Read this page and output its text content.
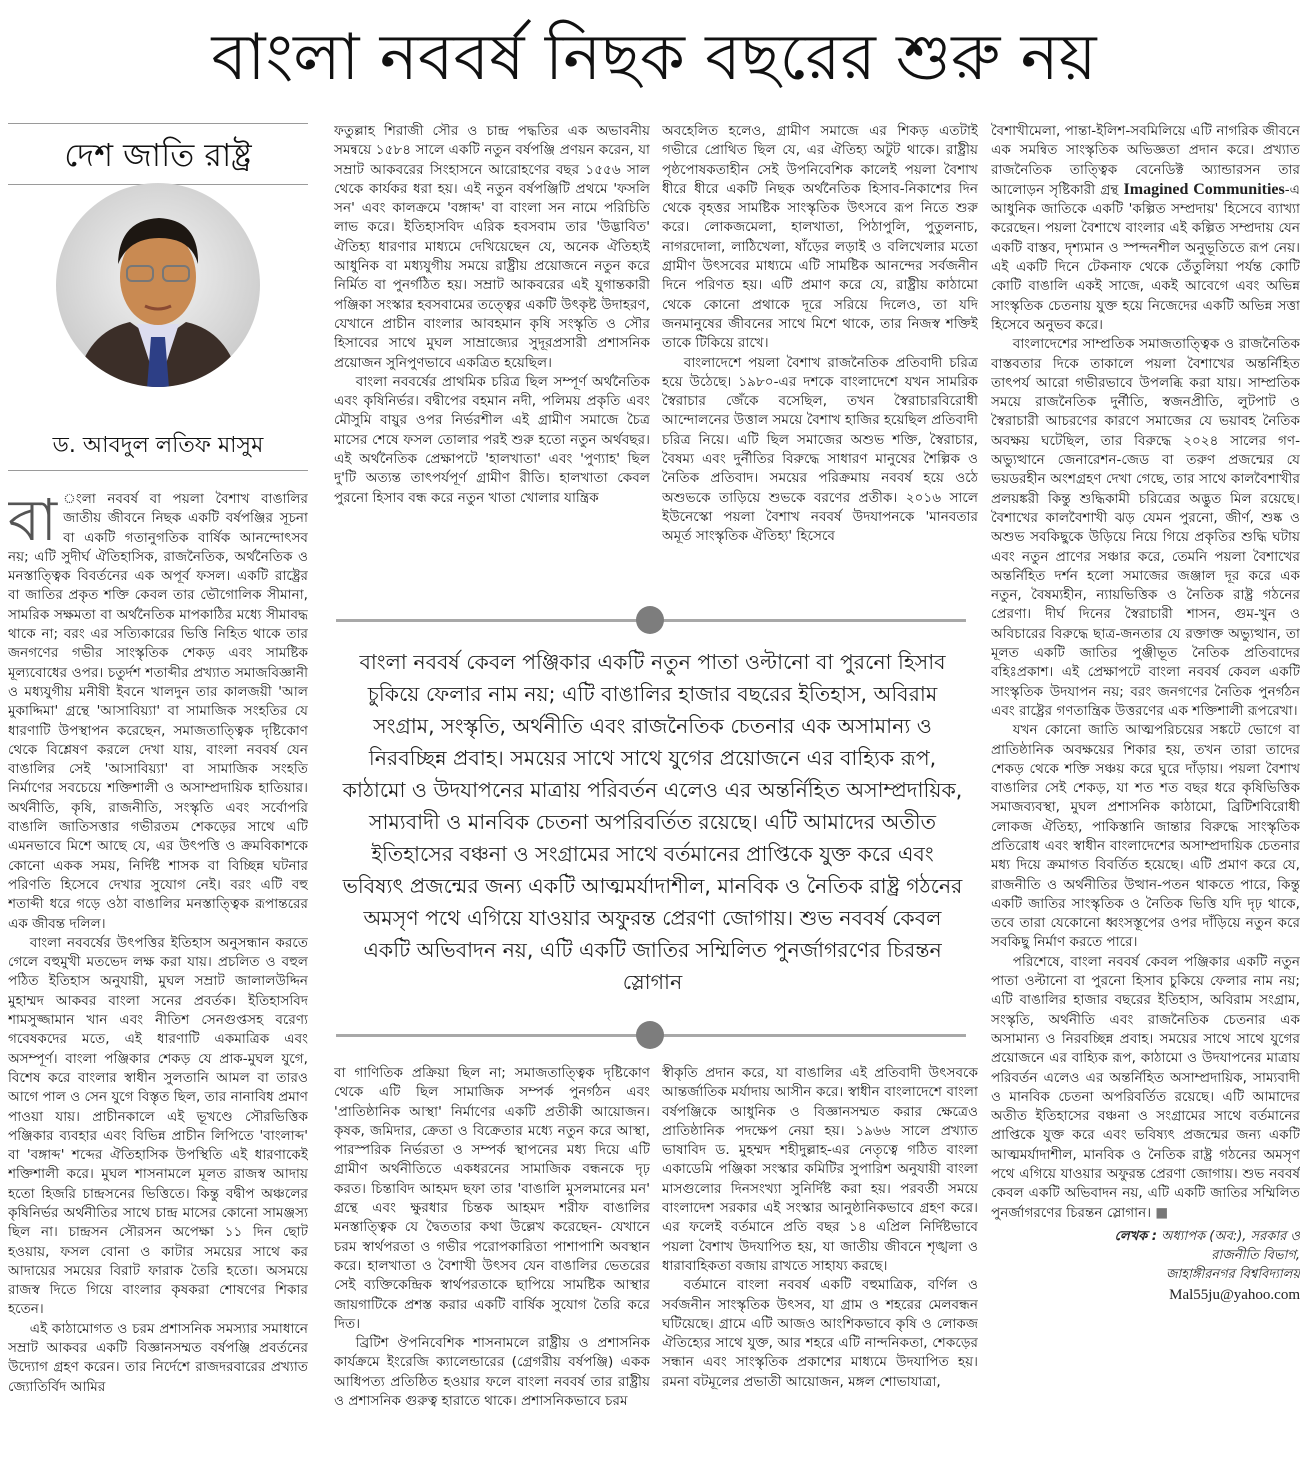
বাংলা নববর্ষ নিছক বছরের শুরু নয়
দেশ জাতি রাষ্ট্র
ড. আবদুল লতিফ মাসুম
বা ংলা নববর্ষ বা পয়লা বৈশাখ বাঙালির জাতীয় জীবনে নিছক একটি বর্ষপঞ্জির সূচনা বা একটি গতানুগতিক বার্ষিক আনন্দোৎসব নয়; এটি সুদীর্ঘ ঐতিহাসিক, রাজনৈতিক, অর্থনৈতিক ও মনস্তাত্ত্বিক বিবর্তনের এক অপূর্ব ফসল। একটি রাষ্ট্রের বা জাতির প্রকৃত শক্তি কেবল তার ভৌগোলিক সীমানা, সামরিক সক্ষমতা বা অর্থনৈতিক মাপকাঠির মধ্যে সীমাবদ্ধ থাকে না; বরং এর সত্যিকারের ভিত্তি নিহিত থাকে তার জনগণের গভীর সাংস্কৃতিক শেকড় এবং সামষ্টিক মূল্যবোধের ওপর। চতুর্দশ শতাব্দীর প্রখ্যাত সমাজবিজ্ঞানী ও মধ্যযুগীয় মনীষী ইবনে খালদুন তার কালজয়ী 'আল মুকাদ্দিমা' গ্রন্থে 'আসাবিয়্যা' বা সামাজিক সংহতির যে ধারণাটি উপস্থাপন করেছেন, সমাজতাত্ত্বিক দৃষ্টিকোণ থেকে বিশ্লেষণ করলে দেখা যায়, বাংলা নববর্ষ যেন বাঙালির সেই 'আসাবিয়্যা' বা সামাজিক সংহতি নির্মাণের সবচেয়ে শক্তিশালী ও অসাম্প্রদায়িক হাতিয়ার। অর্থনীতি, কৃষি, রাজনীতি, সংস্কৃতি এবং সর্বোপরি বাঙালি জাতিসত্তার গভীরতম শেকড়ের সাথে এটি এমনভাবে মিশে আছে যে, এর উৎপত্তি ও ক্রমবিকাশকে কোনো একক সময়, নির্দিষ্ট শাসক বা বিচ্ছিন্ন ঘটনার পরিণতি হিসেবে দেখার সুযোগ নেই। বরং এটি বহু শতাব্দী ধরে গড়ে ওঠা বাঙালির মনস্তাত্ত্বিক রূপান্তরের এক জীবন্ত দলিল।

বাংলা নববর্ষের উৎপত্তির ইতিহাস অনুসন্ধান করতে গেলে বহুমুখী মতভেদ লক্ষ করা যায়। প্রচলিত ও বহুল পঠিত ইতিহাস অনুযায়ী, মুঘল সম্রাট জালালউদ্দিন মুহাম্মদ আকবর বাংলা সনের প্রবর্তক। ইতিহাসবিদ শামসুজ্জামান খান এবং নীতিশ সেনগুপ্তসহ বরেণ্য গবেষকদের মতে, এই ধারণাটি একমাত্রিক এবং অসম্পূর্ণ। বাংলা পঞ্জিকার শেকড় যে প্রাক-মুঘল যুগে, বিশেষ করে বাংলার স্বাধীন সুলতানি আমল বা তারও আগে পাল ও সেন যুগে বিস্তৃত ছিল, তার নানাবিধ প্রমাণ পাওয়া যায়। প্রাচীনকালে এই ভূখণ্ডে সৌরভিত্তিক পঞ্জিকার ব্যবহার এবং বিভিন্ন প্রাচীন লিপিতে 'বাংলাব্দ' বা 'বঙ্গাব্দ' শব্দের ঐতিহাসিক উপস্থিতি এই ধারণাকেই শক্তিশালী করে। মুঘল শাসনামলে মূলত রাজস্ব আদায় হতো হিজরি চান্দ্রসনের ভিত্তিতে। কিন্তু বদ্বীপ অঞ্চলের কৃষিনির্ভর অর্থনীতির সাথে চান্দ্র মাসের কোনো সামঞ্জস্য ছিল না। চান্দ্রসন সৌরসন অপেক্ষা ১১ দিন ছোট হওয়ায়, ফসল বোনা ও কাটার সময়ের সাথে কর আদায়ের সময়ের বিরাট ফারাক তৈরি হতো। অসময়ে রাজস্ব দিতে গিয়ে বাংলার কৃষকরা শোষণের শিকার হতেন।

এই কাঠামোগত ও চরম প্রশাসনিক সমস্যার সমাধানে সম্রাট আকবর একটি বিজ্ঞানসম্মত বর্ষপঞ্জি প্রবর্তনের উদ্যোগ গ্রহণ করেন। তার নির্দেশে রাজদরবারের প্রখ্যাত জ্যোতির্বিদ আমির

ফতুল্লাহ শিরাজী সৌর ও চান্দ্র পদ্ধতির এক অভাবনীয় সমন্বয়ে ১৫৮৪ সালে একটি নতুন বর্ষপঞ্জি প্রণয়ন করেন, যা সম্রাট আকবরের সিংহাসনে আরোহণের বছর ১৫৫৬ সাল থেকে কার্যকর ধরা হয়। এই নতুন বর্ষপঞ্জিটি প্রথমে 'ফসলি সন' এবং কালক্রমে 'বঙ্গাব্দ' বা বাংলা সন নামে পরিচিতি লাভ করে। ইতিহাসবিদ এরিক হবসবাম তার 'উদ্ভাবিত' ঐতিহ্য ধারণার মাধ্যমে দেখিয়েছেন যে, অনেক ঐতিহ্যই আধুনিক বা মধ্যযুগীয় সময়ে রাষ্ট্রীয় প্রয়োজনে নতুন করে নির্মিত বা পুনর্গঠিত হয়। সম্রাট আকবরের এই যুগান্তকারী পঞ্জিকা সংস্কার হবসবামের তত্ত্বের একটি উৎকৃষ্ট উদাহরণ, যেখানে প্রাচীন বাংলার আবহমান কৃষি সংস্কৃতি ও সৌর হিসাবের সাথে মুঘল সাম্রাজ্যের সুদূরপ্রসারী প্রশাসনিক প্রয়োজন সুনিপুণভাবে একত্রিত হয়েছিল।

বাংলা নববর্ষের প্রাথমিক চরিত্র ছিল সম্পূর্ণ অর্থনৈতিক এবং কৃষিনির্ভর। বদ্বীপের বহমান নদী, পলিময় প্রকৃতি এবং মৌসুমি বায়ুর ওপর নির্ভরশীল এই গ্রামীণ সমাজে চৈত্র মাসের শেষে ফসল তোলার পরই শুরু হতো নতুন অর্থবছর। এই অর্থনৈতিক প্রেক্ষাপটে 'হালখাতা' এবং 'পুণ্যাহ' ছিল দু'টি অত্যন্ত তাৎপর্যপূর্ণ গ্রামীণ রীতি। হালখাতা কেবল পুরনো হিসাব বন্ধ করে নতুন খাতা খোলার যান্ত্রিক

অবহেলিত হলেও, গ্রামীণ সমাজে এর শিকড় এতটাই গভীরে প্রোথিত ছিল যে, এর ঐতিহ্য অটুট থাকে। রাষ্ট্রীয় পৃষ্ঠপোষকতাহীন সেই উপনিবেশিক কালেই পয়লা বৈশাখ ধীরে ধীরে একটি নিছক অর্থনৈতিক হিসাব-নিকাশের দিন থেকে বৃহত্তর সামষ্টিক সাংস্কৃতিক উৎসবে রূপ নিতে শুরু করে। লোকজমেলা, হালখাতা, পিঠাপুলি, পুতুলনাচ, নাগরদোলা, লাঠিখেলা, ষাঁড়ের লড়াই ও বলিখেলার মতো গ্রামীণ উৎসবের মাধ্যমে এটি সামষ্টিক আনন্দের সর্বজনীন দিনে পরিণত হয়। এটি প্রমাণ করে যে, রাষ্ট্রীয় কাঠামো থেকে কোনো প্রথাকে দূরে সরিয়ে দিলেও, তা যদি জনমানুষের জীবনের সাথে মিশে থাকে, তার নিজস্ব শক্তিই তাকে টিকিয়ে রাখে।

বাংলাদেশে পয়লা বৈশাখ রাজনৈতিক প্রতিবাদী চরিত্র হয়ে উঠেছে। ১৯৮০-এর দশকে বাংলাদেশে যখন সামরিক স্বৈরাচার জেঁকে বসেছিল, তখন স্বৈরাচারবিরোধী আন্দোলনের উত্তাল সময়ে বৈশাখ হাজির হয়েছিল প্রতিবাদী চরিত্র নিয়ে। এটি ছিল সমাজের অশুভ শক্তি, স্বৈরাচার, বৈষম্য এবং দুর্নীতির বিরুদ্ধে সাধারণ মানুষের শৈল্পিক ও নৈতিক প্রতিবাদ। সময়ের পরিক্রমায় নববর্ষ হয়ে ওঠে অশুভকে তাড়িয়ে শুভকে বরণের প্রতীক। ২০১৬ সালে ইউনেস্কো পয়লা বৈশাখ নববর্ষ উদযাপনকে 'মানবতার অমূর্ত সাংস্কৃতিক ঐতিহ্য' হিসেবে

বাংলা নববর্ষ কেবল পঞ্জিকার একটি নতুন পাতা ওল্টানো বা পুরনো হিসাব চুকিয়ে ফেলার নাম নয়; এটি বাঙালির হাজার বছরের ইতিহাস, অবিরাম সংগ্রাম, সংস্কৃতি, অর্থনীতি এবং রাজনৈতিক চেতনার এক অসামান্য ও নিরবচ্ছিন্ন প্রবাহ। সময়ের সাথে সাথে যুগের প্রয়োজনে এর বাহ্যিক রূপ, কাঠামো ও উদযাপনের মাত্রায় পরিবর্তন এলেও এর অন্তর্নিহিত অসাম্প্রদায়িক, সাম্যবাদী ও মানবিক চেতনা অপরিবর্তিত রয়েছে। এটি আমাদের অতীত ইতিহাসের বঞ্চনা ও সংগ্রামের সাথে বর্তমানের প্রাপ্তিকে যুক্ত করে এবং ভবিষ্যৎ প্রজন্মের জন্য একটি আত্মমর্যাদাশীল, মানবিক ও নৈতিক রাষ্ট্র গঠনের অমসৃণ পথে এগিয়ে যাওয়ার অফুরন্ত প্রেরণা জোগায়। শুভ নববর্ষ কেবল একটি অভিবাদন নয়, এটি একটি জাতির সম্মিলিত পুনর্জাগরণের চিরন্তন স্লোগান

বা গাণিতিক প্রক্রিয়া ছিল না; সমাজতাত্ত্বিক দৃষ্টিকোণ থেকে এটি ছিল সামাজিক সম্পর্ক পুনর্গঠন এবং 'প্রাতিষ্ঠানিক আস্থা' নির্মাণের একটি প্রতীকী আয়োজন। কৃষক, জমিদার, ক্রেতা ও বিক্রেতার মধ্যে নতুন করে আস্থা, পারস্পরিক নির্ভরতা ও সম্পর্ক স্থাপনের মধ্য দিয়ে এটি গ্রামীণ অর্থনীতিতে একধরনের সামাজিক বন্ধনকে দৃঢ় করত। চিন্তাবিদ আহমদ ছফা তার 'বাঙালি মুসলমানের মন' গ্রন্থে এবং ক্ষুরধার চিন্তক আহমদ শরীফ বাঙালির মনস্তাত্ত্বিক যে দ্বৈততার কথা উল্লেখ করেছেন- যেখানে চরম স্বার্থপরতা ও গভীর পরোপকারিতা পাশাপাশি অবস্থান করে। হালখাতা ও বৈশাখী উৎসব যেন বাঙালির ভেতরের সেই ব্যক্তিকেন্দ্রিক স্বার্থপরতাকে ছাপিয়ে সামষ্টিক আস্থার জায়গাটিকে প্রশস্ত করার একটি বার্ষিক সুযোগ তৈরি করে দিত।

ব্রিটিশ ঔপনিবেশিক শাসনামলে রাষ্ট্রীয় ও প্রশাসনিক কার্যক্রমে ইংরেজি ক্যালেন্ডারের (গ্রেগরীয় বর্ষপঞ্জি) একক আধিপত্য প্রতিষ্ঠিত হওয়ার ফলে বাংলা নববর্ষ তার রাষ্ট্রীয় ও প্রশাসনিক গুরুত্ব হারাতে থাকে। প্রশাসনিকভাবে চরম

স্বীকৃতি প্রদান করে, যা বাঙালির এই প্রতিবাদী উৎসবকে আন্তর্জাতিক মর্যাদায় আসীন করে। স্বাধীন বাংলাদেশে বাংলা বর্ষপঞ্জিকে আধুনিক ও বিজ্ঞানসম্মত করার ক্ষেত্রেও প্রাতিষ্ঠানিক পদক্ষেপ নেয়া হয়। ১৯৬৬ সালে প্রখ্যাত ভাষাবিদ ড. মুহম্মদ শহীদুল্লাহ-এর নেতৃত্বে গঠিত বাংলা একাডেমি পঞ্জিকা সংস্কার কমিটির সুপারিশ অনুযায়ী বাংলা মাসগুলোর দিনসংখ্যা সুনির্দিষ্ট করা হয়। পরবর্তী সময়ে বাংলাদেশ সরকার এই সংস্কার আনুষ্ঠানিকভাবে গ্রহণ করে। এর ফলেই বর্তমানে প্রতি বছর ১৪ এপ্রিল নির্দিষ্টভাবে পয়লা বৈশাখ উদযাপিত হয়, যা জাতীয় জীবনে শৃঙ্খলা ও ধারাবাহিকতা বজায় রাখতে সাহায্য করছে।

বর্তমানে বাংলা নববর্ষ একটি বহুমাত্রিক, বর্ণিল ও সর্বজনীন সাংস্কৃতিক উৎসব, যা গ্রাম ও শহরের মেলবন্ধন ঘটিয়েছে। গ্রামে এটি আজও আংশিকভাবে কৃষি ও লোকজ ঐতিহ্যের সাথে যুক্ত, আর শহরে এটি নান্দনিকতা, শেকড়ের সন্ধান এবং সাংস্কৃতিক প্রকাশের মাধ্যমে উদযাপিত হয়। রমনা বটমূলের প্রভাতী আয়োজন, মঙ্গল শোভাযাত্রা,

বৈশাখীমেলা, পান্তা-ইলিশ-সবমিলিয়ে এটি নাগরিক জীবনে এক সমন্বিত সাংস্কৃতিক অভিজ্ঞতা প্রদান করে। প্রখ্যাত রাজনৈতিক তাত্ত্বিক বেনেডিক্ট অ্যান্ডারসন তার আলোড়ন সৃষ্টিকারী গ্রন্থ Imagined Communities-এ আধুনিক জাতিকে একটি 'কল্পিত সম্প্রদায়' হিসেবে ব্যাখ্যা করেছেন। পয়লা বৈশাখে বাংলার এই কল্পিত সম্প্রদায় যেন একটি বাস্তব, দৃশ্যমান ও স্পন্দনশীল অনুভূতিতে রূপ নেয়। এই একটি দিনে টেকনাফ থেকে তেঁতুলিয়া পর্যন্ত কোটি কোটি বাঙালি একই সাজে, একই আবেগে এবং অভিন্ন সাংস্কৃতিক চেতনায় যুক্ত হয়ে নিজেদের একটি অভিন্ন সত্তা হিসেবে অনুভব করে।

বাংলাদেশের সাম্প্রতিক সমাজতাত্ত্বিক ও রাজনৈতিক বাস্তবতার দিকে তাকালে পয়লা বৈশাখের অন্তর্নিহিত তাৎপর্য আরো গভীরভাবে উপলব্ধি করা যায়। সাম্প্রতিক সময়ে রাজনৈতিক দুর্নীতি, স্বজনপ্রীতি, লুটপাট ও স্বৈরাচারী আচরণের কারণে সমাজের যে ভয়াবহ নৈতিক অবক্ষয় ঘটেছিল, তার বিরুদ্ধে ২০২৪ সালের গণ-অভ্যুত্থানে জেনারেশন-জেড বা তরুণ প্রজন্মের যে ভয়ডরহীন অংশগ্রহণ দেখা গেছে, তার সাথে কালবৈশাখীর প্রলয়ঙ্করী কিন্তু শুদ্ধিকামী চরিত্রের অদ্ভুত মিল রয়েছে। বৈশাখের কালবৈশাখী ঝড় যেমন পুরনো, জীর্ণ, শুষ্ক ও অশুভ সবকিছুকে উড়িয়ে নিয়ে গিয়ে প্রকৃতির শুদ্ধি ঘটায় এবং নতুন প্রাণের সঞ্চার করে, তেমনি পয়লা বৈশাখের অন্তর্নিহিত দর্শন হলো সমাজের জঞ্জাল দূর করে এক নতুন, বৈষম্যহীন, ন্যায়ভিত্তিক ও নৈতিক রাষ্ট্র গঠনের প্রেরণা। দীর্ঘ দিনের স্বৈরাচারী শাসন, গুম-খুন ও অবিচারের বিরুদ্ধে ছাত্র-জনতার যে রক্তাক্ত অভ্যুত্থান, তা মূলত একটি জাতির পুঞ্জীভূত নৈতিক প্রতিবাদের বহিঃপ্রকাশ। এই প্রেক্ষাপটে বাংলা নববর্ষ কেবল একটি সাংস্কৃতিক উদযাপন নয়; বরং জনগণের নৈতিক পুনর্গঠন এবং রাষ্ট্রের গণতান্ত্রিক উত্তরণের এক শক্তিশালী রূপরেখা।

যখন কোনো জাতি আত্মপরিচয়ের সঙ্কটে ভোগে বা প্রাতিষ্ঠানিক অবক্ষয়ের শিকার হয়, তখন তারা তাদের শেকড় থেকে শক্তি সঞ্চয় করে ঘুরে দাঁড়ায়। পয়লা বৈশাখ বাঙালির সেই শেকড়, যা শত শত বছর ধরে কৃষিভিত্তিক সমাজব্যবস্থা, মুঘল প্রশাসনিক কাঠামো, ব্রিটিশবিরোধী লোকজ ঐতিহ্য, পাকিস্তানি জান্তার বিরুদ্ধে সাংস্কৃতিক প্রতিরোধ এবং স্বাধীন বাংলাদেশের অসাম্প্রদায়িক চেতনার মধ্য দিয়ে ক্রমাগত বিবর্তিত হয়েছে। এটি প্রমাণ করে যে, রাজনীতি ও অর্থনীতির উত্থান-পতন থাকতে পারে, কিন্তু একটি জাতির সাংস্কৃতিক ও নৈতিক ভিত্তি যদি দৃঢ় থাকে, তবে তারা যেকোনো ধ্বংসস্তূপের ওপর দাঁড়িয়ে নতুন করে সবকিছু নির্মাণ করতে পারে।

পরিশেষে, বাংলা নববর্ষ কেবল পঞ্জিকার একটি নতুন পাতা ওল্টানো বা পুরনো হিসাব চুকিয়ে ফেলার নাম নয়; এটি বাঙালির হাজার বছরের ইতিহাস, অবিরাম সংগ্রাম, সংস্কৃতি, অর্থনীতি এবং রাজনৈতিক চেতনার এক অসামান্য ও নিরবচ্ছিন্ন প্রবাহ। সময়ের সাথে সাথে যুগের প্রয়োজনে এর বাহ্যিক রূপ, কাঠামো ও উদযাপনের মাত্রায় পরিবর্তন এলেও এর অন্তর্নিহিত অসাম্প্রদায়িক, সাম্যবাদী ও মানবিক চেতনা অপরিবর্তিত রয়েছে। এটি আমাদের অতীত ইতিহাসের বঞ্চনা ও সংগ্রামের সাথে বর্তমানের প্রাপ্তিকে যুক্ত করে এবং ভবিষ্যৎ প্রজন্মের জন্য একটি আত্মমর্যাদাশীল, মানবিক ও নৈতিক রাষ্ট্র গঠনের অমসৃণ পথে এগিয়ে যাওয়ার অফুরন্ত প্রেরণা জোগায়। শুভ নববর্ষ কেবল একটি অভিবাদন নয়, এটি একটি জাতির সম্মিলিত পুনর্জাগরণের চিরন্তন স্লোগান। ■

লেখক : অধ্যাপক (অব:), সরকার ও
রাজনীতি বিভাগ,
জাহাঙ্গীরনগর বিশ্ববিদ্যালয়
Mal55ju@yahoo.com
